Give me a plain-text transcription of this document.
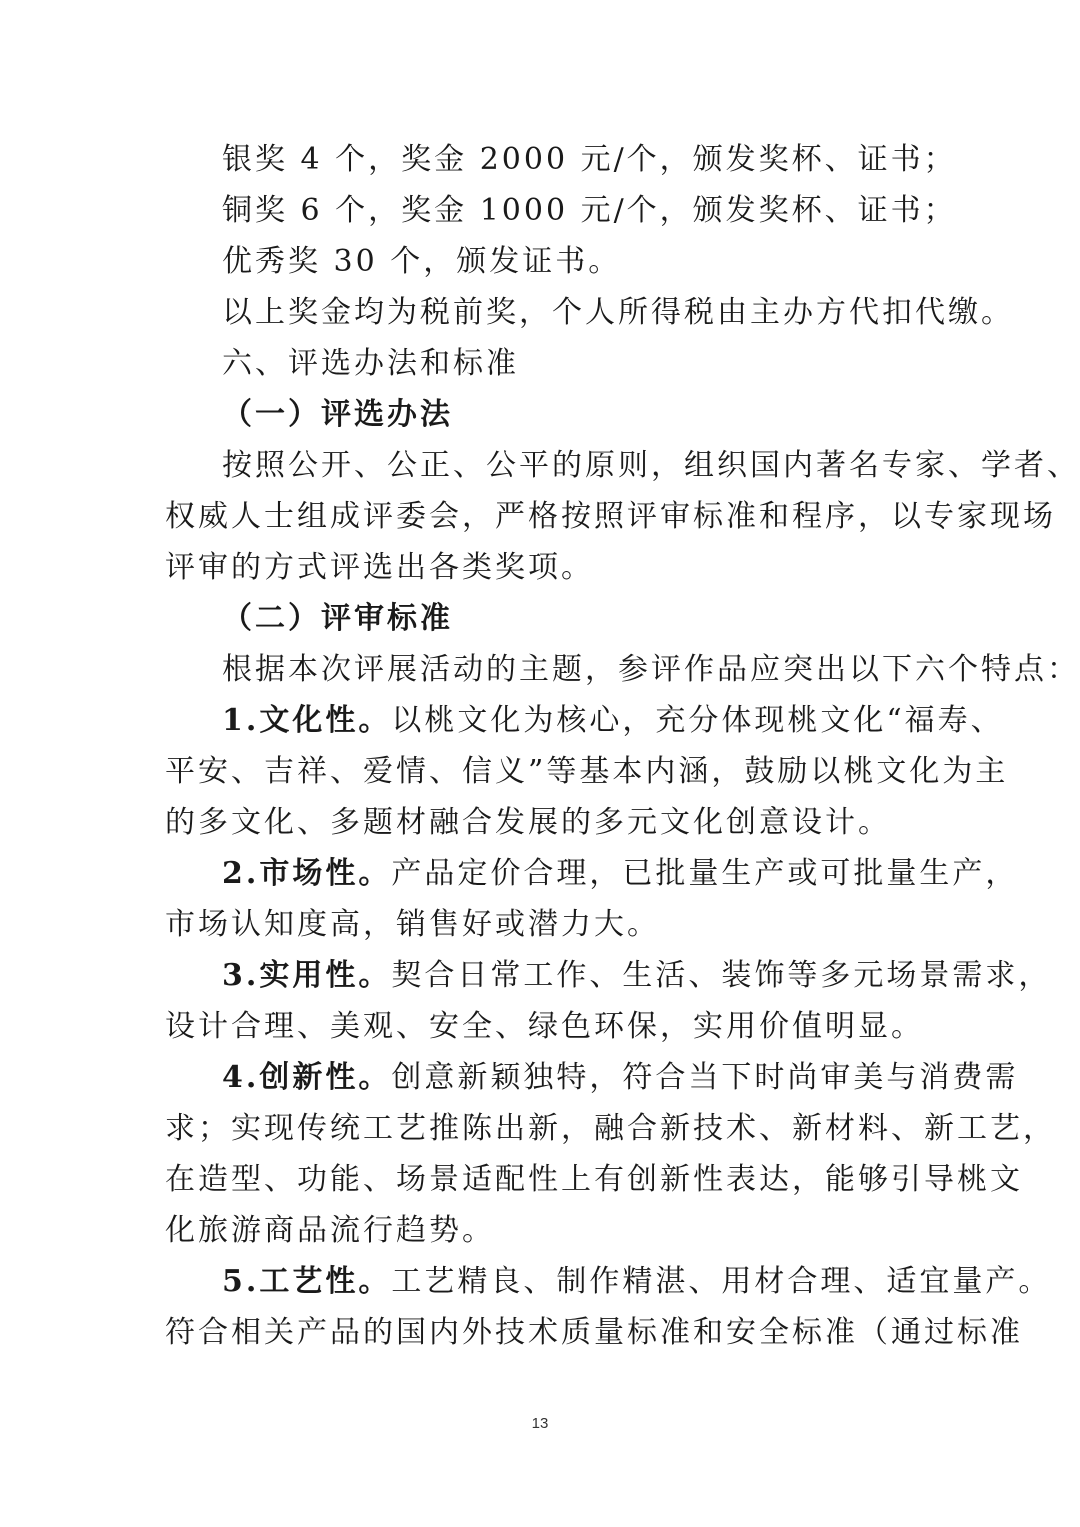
银奖 4 个，奖金 2000 元/个，颁发奖杯、证书；
铜奖 6 个，奖金 1000 元/个，颁发奖杯、证书；
优秀奖 30 个，颁发证书。
以上奖金均为税前奖，个人所得税由主办方代扣代缴。
六、评选办法和标准
（一）评选办法
按照公开、公正、公平的原则，组织国内著名专家、学者、
权威人士组成评委会，严格按照评审标准和程序，以专家现场
评审的方式评选出各类奖项。
（二）评审标准
根据本次评展活动的主题，参评作品应突出以下六个特点：
1.文化性。以桃文化为核心，充分体现桃文化“福寿、
平安、吉祥、爱情、信义”等基本内涵，鼓励以桃文化为主
的多文化、多题材融合发展的多元文化创意设计。
2.市场性。产品定价合理，已批量生产或可批量生产，
市场认知度高，销售好或潜力大。
3.实用性。契合日常工作、生活、装饰等多元场景需求，
设计合理、美观、安全、绿色环保，实用价值明显。
4.创新性。创意新颖独特，符合当下时尚审美与消费需
求；实现传统工艺推陈出新，融合新技术、新材料、新工艺，
在造型、功能、场景适配性上有创新性表达，能够引导桃文
化旅游商品流行趋势。
5.工艺性。工艺精良、制作精湛、用材合理、适宜量产。
符合相关产品的国内外技术质量标准和安全标准（通过标准
13
